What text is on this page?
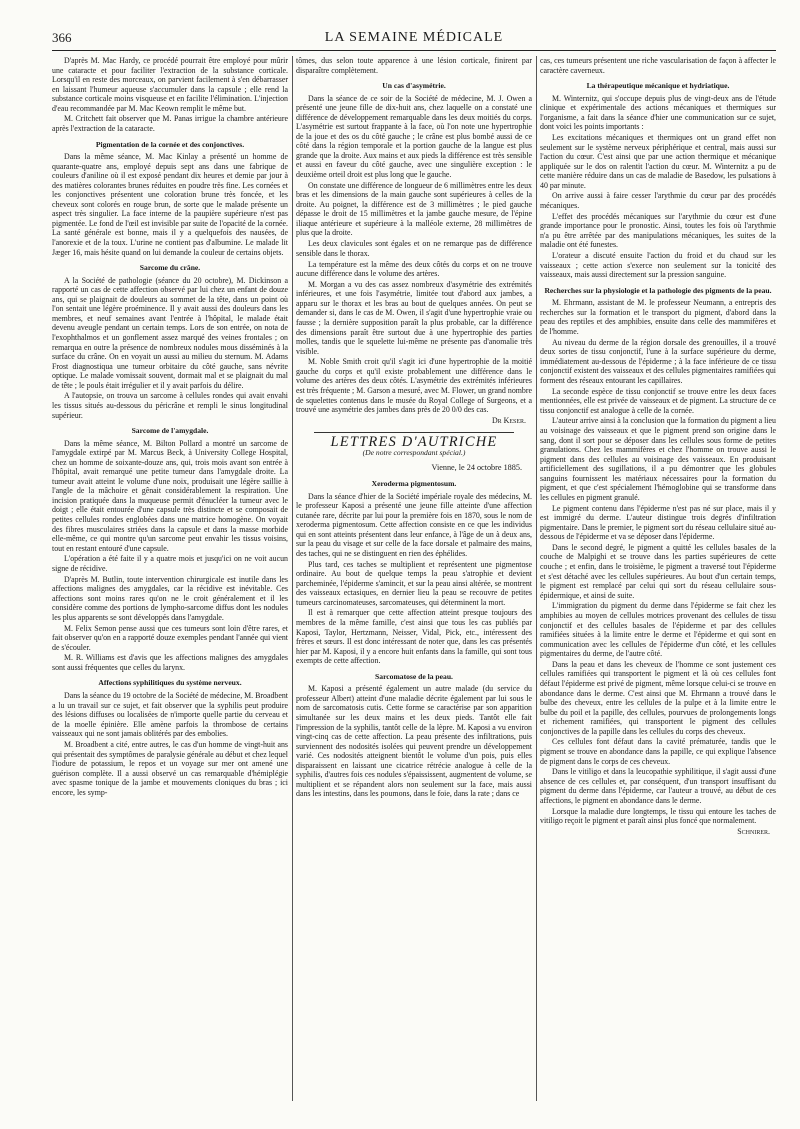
366	LA SEMAINE MÉDICALE

D'après M. Mac Hardy, ce procédé pourrait être employé pour mûrir une cataracte et pour faciliter l'extraction de la substance corticale. Lorsqu'il en reste des morceaux, on parvient facilement à s'en débarrasser en laissant l'humeur aqueuse s'accumuler dans la capsule ; elle rend la substance corticale moins visqueuse et en facilite l'élimination. L'injection d'eau recommandée par M. Mac Keown remplit le même but.

M. Critchett fait observer que M. Panas irrigue la chambre antérieure après l'extraction de la cataracte.

Pigmentation de la cornée et des conjonctives.

Dans la même séance, M. Mac Kinlay a présenté un homme de quarante-quatre ans, employé depuis sept ans dans une fabrique de couleurs d'aniline où il est exposé pendant dix heures et demie par jour à des matières colorantes brunes réduites en poudre très fine. Les cornées et les conjonctives présentent une coloration brune très foncée, et les cheveux sont colorés en rouge brun, de sorte que le malade présente un aspect très singulier. La face interne de la paupière supérieure n'est pas pigmentée. Le fond de l'œil est invisible par suite de l'opacité de la cornée. La santé générale est bonne, mais il y a quelquefois des nausées, de l'anorexie et de la toux. L'urine ne contient pas d'albumine. Le malade lit Jæger 16, mais hésite quand on lui demande la couleur de certains objets.

Sarcome du crâne.

A la Société de pathologie (séance du 20 octobre), M. Dickinson a rapporté un cas de cette affection observé par lui chez un enfant de douze ans, qui se plaignait de douleurs au sommet de la tête, dans un point où l'on sentait une légère proéminence. Il y avait aussi des douleurs dans les membres, et neuf semaines avant l'entrée à l'hôpital, le malade était devenu aveugle pendant un certain temps. Lors de son entrée, on nota de l'exophthalmos et un gonflement assez marqué des veines frontales ; on remarqua en outre la présence de nombreux nodules mous disséminés à la surface du crâne. On en voyait un aussi au milieu du sternum. M. Adams Frost diagnostiqua une tumeur orbitaire du côté gauche, sans névrite optique. Le malade vomissait souvent, dormait mal et se plaignait du mal de tête ; le pouls était irrégulier et il y avait parfois du délire.

A l'autopsie, on trouva un sarcome à cellules rondes qui avait envahi les tissus situés au-dessous du péricrâne et rempli le sinus longitudinal supérieur.

Sarcome de l'amygdale.

Dans la même séance, M. Bilton Pollard a montré un sarcome de l'amygdale extirpé par M. Marcus Beck, à University College Hospital, chez un homme de soixante-douze ans, qui, trois mois avant son entrée à l'hôpital, avait remarqué une petite tumeur dans l'amygdale droite. La tumeur avait atteint le volume d'une noix, produisait une légère saillie à l'angle de la mâchoire et gênait considérablement la respiration. Une incision pratiquée dans la muqueuse permit d'énucléer la tumeur avec le doigt ; elle était entourée d'une capsule très distincte et se composait de petites cellules rondes englobées dans une matrice homogène. On voyait des fibres musculaires striées dans la capsule et dans la masse morbide elle-même, ce qui montre qu'un sarcome peut envahir les tissus voisins, tout en restant entouré d'une capsule.

L'opération a été faite il y a quatre mois et jusqu'ici on ne voit aucun signe de récidive.

D'après M. Butlin, toute intervention chirurgicale est inutile dans les affections malignes des amygdales, car la récidive est inévitable. Ces affections sont moins rares qu'on ne le croit généralement et il les considère comme des portions de lympho-sarcome diffus dont les nodules les plus apparents se sont développés dans l'amygdale.

M. Felix Semon pense aussi que ces tumeurs sont loin d'être rares, et fait observer qu'on en a rapporté douze exemples pendant l'année qui vient de s'écouler.

M. R. Williams est d'avis que les affections malignes des amygdales sont aussi fréquentes que celles du larynx.

Affections syphilitiques du système nerveux.

Dans la séance du 19 octobre de la Société de médecine, M. Broadbent a lu un travail sur ce sujet, et fait observer que la syphilis peut produire des lésions diffuses ou localisées de n'importe quelle partie du cerveau et de la moelle épinière. Elle amène parfois la thrombose de certains vaisseaux qui ne sont jamais oblitérés par des embolies.

M. Broadbent a cité, entre autres, le cas d'un homme de vingt-huit ans qui présentait des symptômes de paralysie générale au début et chez lequel l'iodure de potassium, le repos et un voyage sur mer ont amené une guérison complète. Il a aussi observé un cas remarquable d'hémiplégie avec spasme tonique de la jambe et mouvements cloniques du bras ; ici encore, les symp-

tômes, dus selon toute apparence à une lésion corticale, finirent par disparaître complètement.

Un cas d'asymétrie.

Dans la séance de ce soir de la Société de médecine, M. J. Owen a présenté une jeune fille de dix-huit ans, chez laquelle on a constaté une différence de développement remarquable dans les deux moitiés du corps. L'asymétrie est surtout frappante à la face, où l'on note une hypertrophie de la joue et des os du côté gauche ; le crâne est plus bombé aussi de ce côté dans la région temporale et la portion gauche de la langue est plus grande que la droite. Aux mains et aux pieds la différence est très sensible et aussi en faveur du côté gauche, avec une singulière exception : le deuxième orteil droit est plus long que le gauche.

On constate une différence de longueur de 6 millimètres entre les deux bras et les dimensions de la main gauche sont supérieures à celles de la droite. Au poignet, la différence est de 3 millimètres ; le pied gauche dépasse le droit de 15 millimètres et la jambe gauche mesure, de l'épine iliaque antérieure et supérieure à la malléole externe, 28 millimètres de plus que la droite.

Les deux clavicules sont égales et on ne remarque pas de différence sensible dans le thorax.

La température est la même des deux côtés du corps et on ne trouve aucune différence dans le volume des artères.

M. Morgan a vu des cas assez nombreux d'asymétrie des extrémités inférieures, et une fois l'asymétrie, limitée tout d'abord aux jambes, a apparu sur le thorax et les bras au bout de quelques années. On peut se demander si, dans le cas de M. Owen, il s'agit d'une hypertrophie vraie ou fausse ; la dernière supposition paraît la plus probable, car la différence des dimensions paraît être surtout due à une hypertrophie des parties molles, tandis que le squelette lui-même ne présente pas d'anomalie très visible.

M. Noble Smith croit qu'il s'agit ici d'une hypertrophie de la moitié gauche du corps et qu'il existe probablement une différence dans le volume des artères des deux côtés. L'asymétrie des extrémités inférieures est très fréquente ; M. Garson a mesuré, avec M. Flower, un grand nombre de squelettes contenus dans le musée du Royal College of Surgeons, et a trouvé une asymétrie des jambes dans près de 20 0/0 des cas.

Dr Keser.
LETTRES D'AUTRICHE
(De notre correspondant spécial.)
Vienne, le 24 octobre 1885.
Xeroderma pigmentosum.

Dans la séance d'hier de la Société impériale royale des médecins, M. le professeur Kaposi a présenté une jeune fille atteinte d'une affection cutanée rare, décrite par lui pour la première fois en 1870, sous le nom de xeroderma pigmentosum. Cette affection consiste en ce que les individus qui en sont atteints présentent dans leur enfance, à l'âge de un à deux ans, sur la peau du visage et sur celle de la face dorsale et palmaire des mains, des taches, qui ne se distinguent en rien des éphélides.

Plus tard, ces taches se multiplient et représentent une pigmentose ordinaire. Au bout de quelque temps la peau s'atrophie et devient parcheminée, l'épiderme s'amincit, et sur la peau ainsi altérée, se montrent des vaisseaux ectasiques, en dernier lieu la peau se recouvre de petites tumeurs carcinomateuses, sarcomateuses, qui déterminent la mort.

Il est à remarquer que cette affection atteint presque toujours des membres de la même famille, c'est ainsi que tous les cas publiés par Kaposi, Taylor, Hertzmann, Neisser, Vidal, Pick, etc., intéressent des frères et sœurs. Il est donc intéressant de noter que, dans les cas présentés hier par M. Kaposi, il y a encore huit enfants dans la famille, qui sont tous exempts de cette affection.

Sarcomatose de la peau.

M. Kaposi a présenté également un autre malade (du service du professeur Albert) atteint d'une maladie décrite également par lui sous le nom de sarcomatosis cutis. Cette forme se caractérise par son apparition simultanée sur les deux mains et les deux pieds. Tantôt elle fait l'impression de la syphilis, tantôt celle de la lèpre. M. Kaposi a vu environ vingt-cinq cas de cette affection. La peau présente des infiltrations, puis surviennent des nodosités isolées qui peuvent prendre un développement varié. Ces nodosités atteignent bientôt le volume d'un pois, puis elles disparaissent en laissant une cicatrice rétrécie analogue à celle de la syphilis, d'autres fois ces nodules s'épaississent, augmentent de volume, se multiplient et se répandent alors non seulement sur la face, mais aussi dans les intestins, dans les poumons, dans le foie, dans la rate ; dans ce

cas, ces tumeurs présentent une riche vascularisation de façon à affecter le caractère caverneux.

La thérapeutique mécanique et hydriatique.

M. Winternitz, qui s'occupe depuis plus de vingt-deux ans de l'étude clinique et expérimentale des actions mécaniques et thermiques sur l'organisme, a fait dans la séance d'hier une communication sur ce sujet, dont voici les points importants :

Les excitations mécaniques et thermiques ont un grand effet non seulement sur le système nerveux périphérique et central, mais aussi sur l'action du cœur. C'est ainsi que par une action thermique et mécanique appliquée sur le dos on ralentit l'action du cœur. M. Winternitz a pu de cette manière réduire dans un cas de maladie de Basedow, les pulsations à 40 par minute.

On arrive aussi à faire cesser l'arythmie du cœur par des procédés mécaniques.

L'effet des procédés mécaniques sur l'arythmie du cœur est d'une grande importance pour le pronostic. Ainsi, toutes les fois où l'arythmie n'a pu être arrêtée par des manipulations mécaniques, les suites de la maladie ont été funestes.

L'orateur a discuté ensuite l'action du froid et du chaud sur les vaisseaux ; cette action s'exerce non seulement sur la tonicité des vaisseaux, mais aussi directement sur la pression sanguine.

Recherches sur la physiologie et la pathologie des pigments de la peau.

M. Ehrmann, assistant de M. le professeur Neumann, a entrepris des recherches sur la formation et le transport du pigment, d'abord dans la peau des reptiles et des amphibies, ensuite dans celle des mammifères et de l'homme.

Au niveau du derme de la région dorsale des grenouilles, il a trouvé deux sortes de tissu conjonctif, l'une à la surface supérieure du derme, immédiatement au-dessous de l'épiderme ; à la face inférieure de ce tissu conjonctif existent des vaisseaux et des cellules pigmentaires ramifiées qui forment des réseaux entourant les capillaires.

La seconde espèce de tissu conjonctif se trouve entre les deux faces mentionnées, elle est privée de vaisseaux et de pigment. La structure de ce tissu conjonctif est analogue à celle de la cornée.

L'auteur arrive ainsi à la conclusion que la formation du pigment a lieu au voisinage des vaisseaux et que le pigment prend son origine dans le sang, dont il sort pour se déposer dans les cellules sous forme de petites granulations. Chez les mammifères et chez l'homme on trouve aussi le pigment dans des cellules au voisinage des vaisseaux. En produisant artificiellement des sugillations, il a pu démontrer que les globules sanguins fournissent les matériaux nécessaires pour la formation du pigment, et que c'est spécialement l'hémoglobine qui se transforme dans les cellules en pigment granulé.

Le pigment contenu dans l'épiderme n'est pas né sur place, mais il y est immigré du derme. L'auteur distingue trois degrés d'infiltration pigmentaire. Dans le premier, le pigment sort du réseau cellulaire situé au-dessous de l'épiderme et va se déposer dans l'épiderme.

Dans le second degré, le pigment a quitté les cellules basales de la couche de Malpighi et se trouve dans les parties supérieures de cette couche ; et enfin, dans le troisième, le pigment a traversé tout l'épiderme et s'est détaché avec les cellules supérieures. Au bout d'un certain temps, le pigment est remplacé par celui qui sort du réseau cellulaire sous-épidermique, et ainsi de suite.

L'immigration du pigment du derme dans l'épiderme se fait chez les amphibies au moyen de cellules motrices provenant des cellules de tissu conjonctif et des cellules basales de l'épiderme et par des cellules ramifiées situées à la limite entre le derme et l'épiderme et qui sont en communication avec les cellules de l'épiderme d'un côté, et les cellules pigmentaires du derme, de l'autre côté.

Dans la peau et dans les cheveux de l'homme ce sont justement ces cellules ramifiées qui transportent le pigment et là où ces cellules font défaut l'épiderme est privé de pigment, même lorsque celui-ci se trouve en abondance dans le derme. C'est ainsi que M. Ehrmann a trouvé dans le bulbe des cheveux, entre les cellules de la pulpe et à la limite entre le bulbe du poil et la papille, des cellules, pourvues de prolongements longs et richement ramifiées, qui transportent le pigment des cellules conjonctives de la papille dans les cellules du corps des cheveux.

Ces cellules font défaut dans la cavité prématurée, tandis que le pigment se trouve en abondance dans la papille, ce qui explique l'absence de pigment dans le corps de ces cheveux.

Dans le vitiligo et dans la leucopathie syphilitique, il s'agit aussi d'une absence de ces cellules et, par conséquent, d'un transport insuffisant du pigment du derme dans l'épiderme, car l'auteur a trouvé, au début de ces affections, le pigment en abondance dans le derme.

Lorsque la maladie dure longtemps, le tissu qui entoure les taches de vitiligo reçoit le pigment et paraît ainsi plus foncé que normalement.

Schnirer.
